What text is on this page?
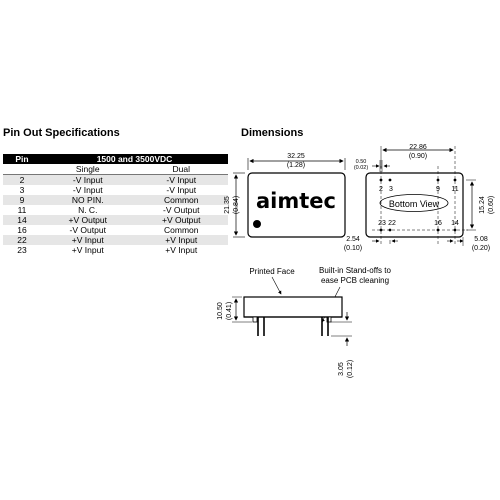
Pin Out Specifications	Dimensions
Pin	1500 and 3500VDC	
	Single	Dual
2	-V Input	-V Input
3	-V Input	-V Input
9	NO PIN.	Common
11	N. C.	-V Output
14	+V Output	+V Output
16	-V Output	Common
22	+V Input	+V Input
23	+V Input	+V Input
aimtec
32.25
(1.28)
21.35 (0.84)	Bottom View
2 3	9 11
23 22	16 14
22.86
(0.90)
0.50
(0.02)
15.24 (0.60)
2.54
(0.10)
5.08
(0.20)
Printed Face	Built-in Stand-offs to
ease PCB cleaning
10.50 (0.41)
3.05 (0.12)
